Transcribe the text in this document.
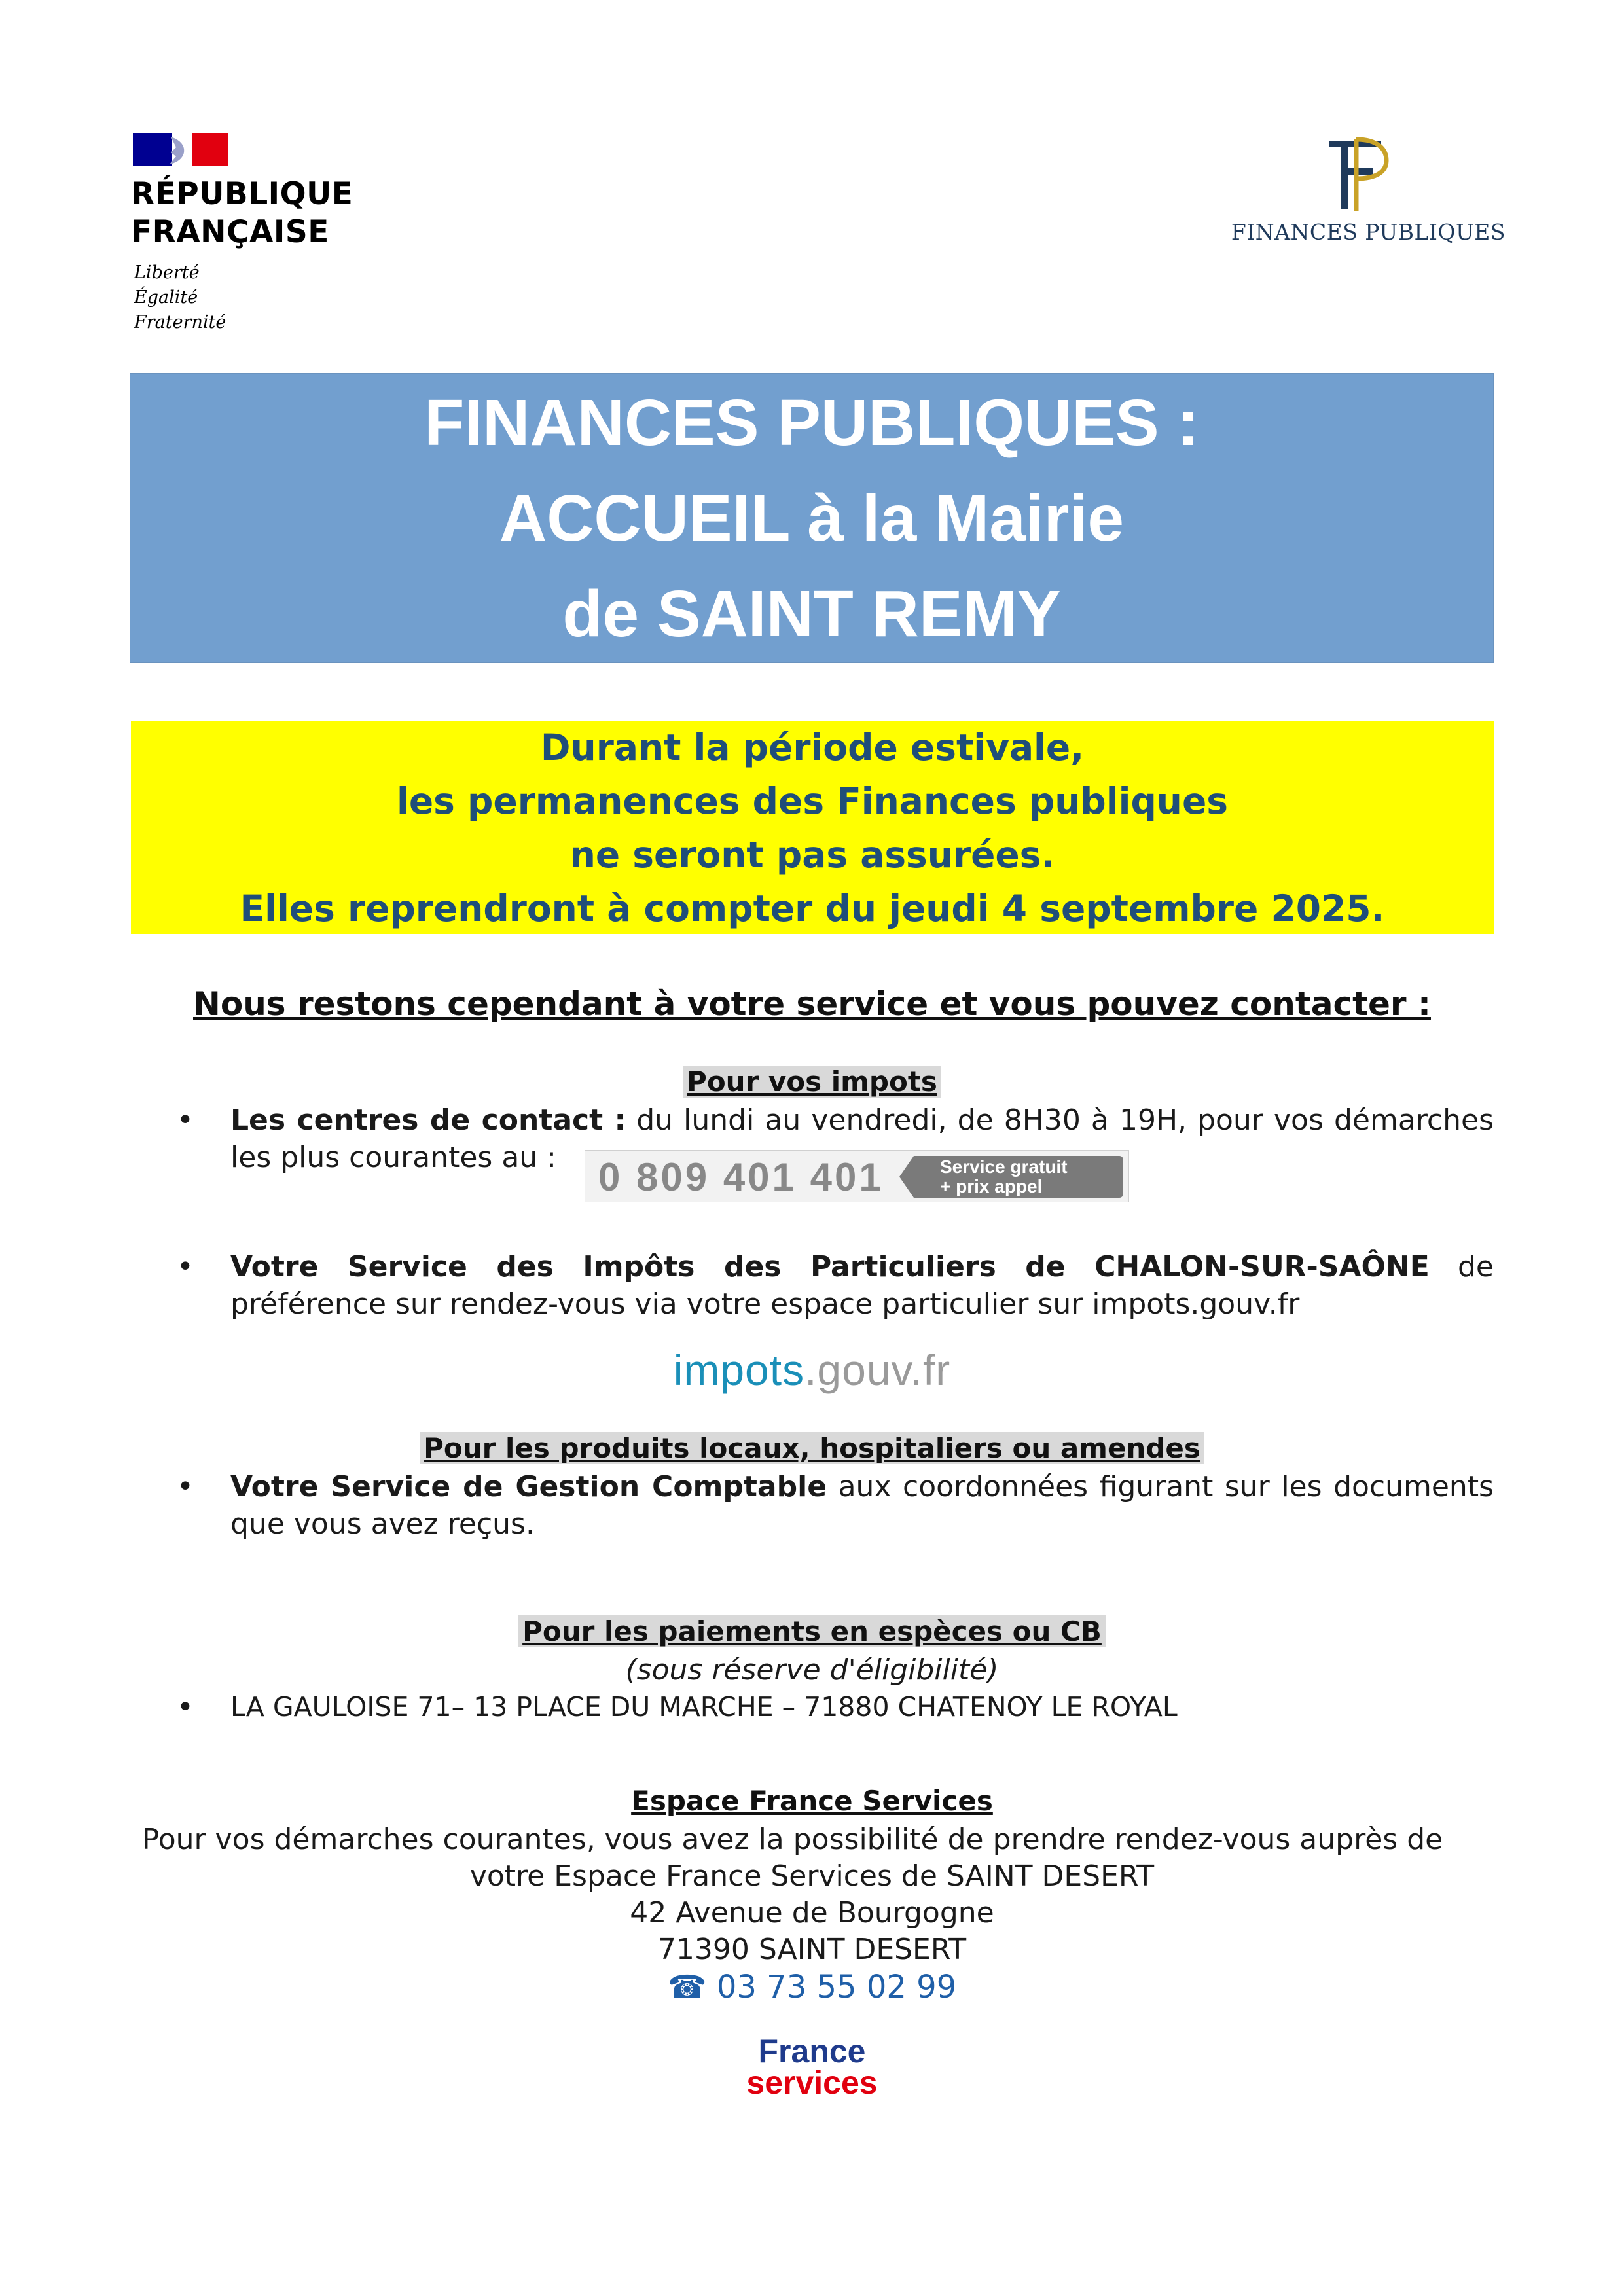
RÉPUBLIQUE
FRANÇAISE
Liberté
Égalité
Fraternité
FINANCES PUBLIQUES
FINANCES PUBLIQUES :
ACCUEIL à la Mairie
de SAINT REMY
Durant la période estivale,
les permanences des Finances publiques
ne seront pas assurées.
Elles reprendront à compter du jeudi 4 septembre 2025.
Nous restons cependant à votre service et vous pouvez contacter :
Pour vos impots
• Les centres de contact : du lundi au vendredi, de 8H30 à 19H, pour vos démarches les plus courantes au :	0 809 401 401	Service gratuit
+ prix appel
• Votre Service des Impôts des Particuliers de CHALON-SUR-SAÔNE de préférence sur rendez-vous via votre espace particulier sur impots.gouv.fr
impots.gouv.fr
Pour les produits locaux, hospitaliers ou amendes
• Votre Service de Gestion Comptable aux coordonnées figurant sur les documents que vous avez reçus.
Pour les paiements en espèces ou CB
(sous réserve d'éligibilité)
• LA GAULOISE 71– 13 PLACE DU MARCHE – 71880 CHATENOY LE ROYAL
Espace France Services
Pour vos démarches courantes, vous avez la possibilité de prendre rendez-vous auprès de
votre Espace France Services de SAINT DESERT
42 Avenue de Bourgogne
71390 SAINT DESERT
☎ 03 73 55 02 99
France
services
